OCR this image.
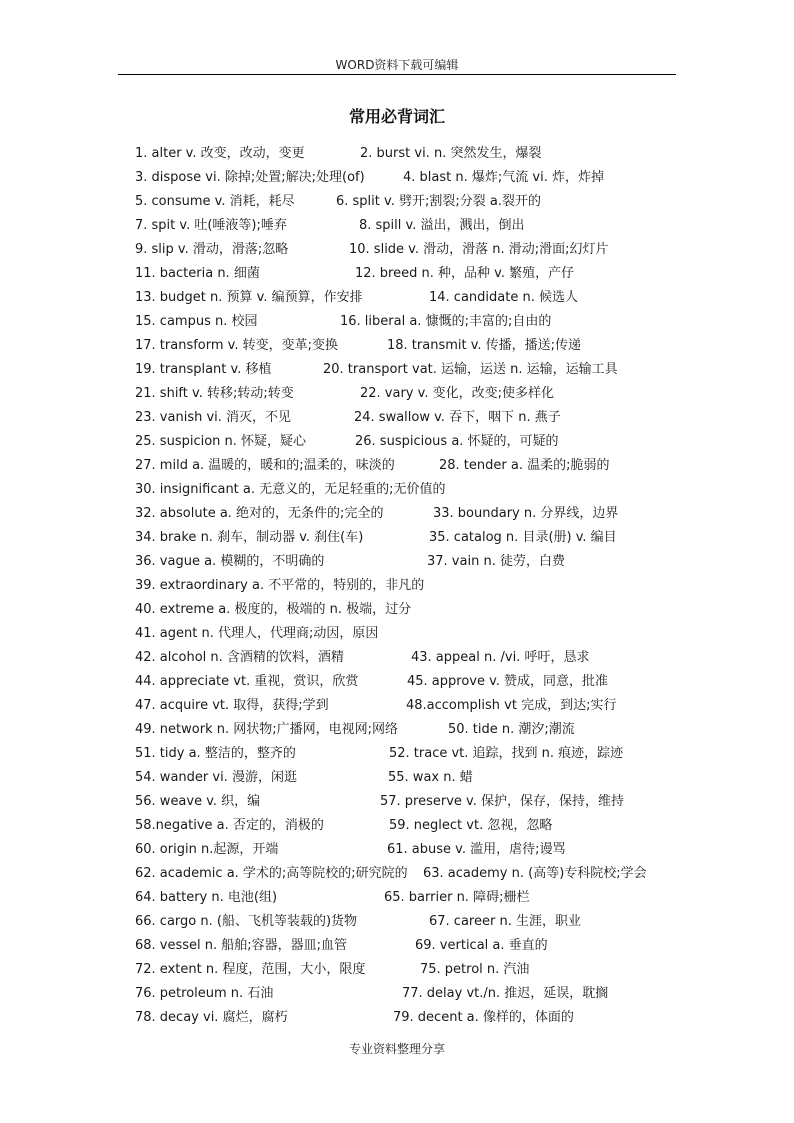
WORD资料下载可编辑
常用必背词汇
1. alter v. 改变，改动，变更	2. burst vi. n. 突然发生，爆裂
3. dispose vi. 除掉;处置;解决;处理(of)	4. blast n. 爆炸;气流 vi. 炸，炸掉
5. consume v. 消耗，耗尽	6. split v. 劈开;割裂;分裂 a.裂开的
7. spit v. 吐(唾液等);唾弃	8. spill v. 溢出，溅出，倒出
9. slip v. 滑动，滑落;忽略	10. slide v. 滑动，滑落 n. 滑动;滑面;幻灯片
11. bacteria n. 细菌	12. breed n. 种，品种 v. 繁殖，产仔
13. budget n. 预算 v. 编预算，作安排	14. candidate n. 候选人
15. campus n. 校园	16. liberal a. 慷慨的;丰富的;自由的
17. transform v. 转变，变革;变换	18. transmit v. 传播，播送;传递
19. transplant v. 移植	20. transport vat. 运输，运送 n. 运输，运输工具
21. shift v. 转移;转动;转变	22. vary v. 变化，改变;使多样化
23. vanish vi. 消灭，不见	24. swallow v. 吞下，咽下 n. 燕子
25. suspicion n. 怀疑，疑心	26. suspicious a. 怀疑的，可疑的
27. mild a. 温暖的，暖和的;温柔的，味淡的	28. tender a. 温柔的;脆弱的
30. insignificant a. 无意义的，无足轻重的;无价值的
32. absolute a. 绝对的，无条件的;完全的	33. boundary n. 分界线，边界
34. brake n. 刹车，制动器 v. 刹住(车)	35. catalog n. 目录(册) v. 编目
36. vague a. 模糊的，不明确的	37. vain n. 徒劳，白费
39. extraordinary a. 不平常的，特别的，非凡的
40. extreme a. 极度的，极端的 n. 极端，过分
41. agent n. 代理人，代理商;动因，原因
42. alcohol n. 含酒精的饮料，酒精	43. appeal n. /vi. 呼吁，恳求
44. appreciate vt. 重视，赏识，欣赏	45. approve v. 赞成，同意，批准
47. acquire vt. 取得，获得;学到	48.accomplish vt 完成，到达;实行
49. network n. 网状物;广播网，电视网;网络	50. tide n. 潮汐;潮流
51. tidy a. 整洁的，整齐的	52. trace vt. 追踪，找到 n. 痕迹，踪迹
54. wander vi. 漫游，闲逛	55. wax n. 蜡
56. weave v. 织，编	57. preserve v. 保护，保存，保持，维持
58.negative a. 否定的，消极的	59. neglect vt. 忽视，忽略
60. origin n.起源，开端	61. abuse v. 滥用，虐待;谩骂
62. academic a. 学术的;高等院校的;研究院的 63. academy n. (高等)专科院校;学会
64. battery n. 电池(组)	65. barrier n. 障碍;栅栏
66. cargo n. (船、飞机等装载的)货物	67. career n. 生涯，职业
68. vessel n. 船舶;容器，器皿;血管	69. vertical a. 垂直的
72. extent n. 程度，范围，大小，限度	75. petrol n. 汽油
76. petroleum n. 石油	77. delay vt./n. 推迟，延误，耽搁
78. decay vi. 腐烂，腐朽	79. decent a. 像样的，体面的
专业资料整理分享
